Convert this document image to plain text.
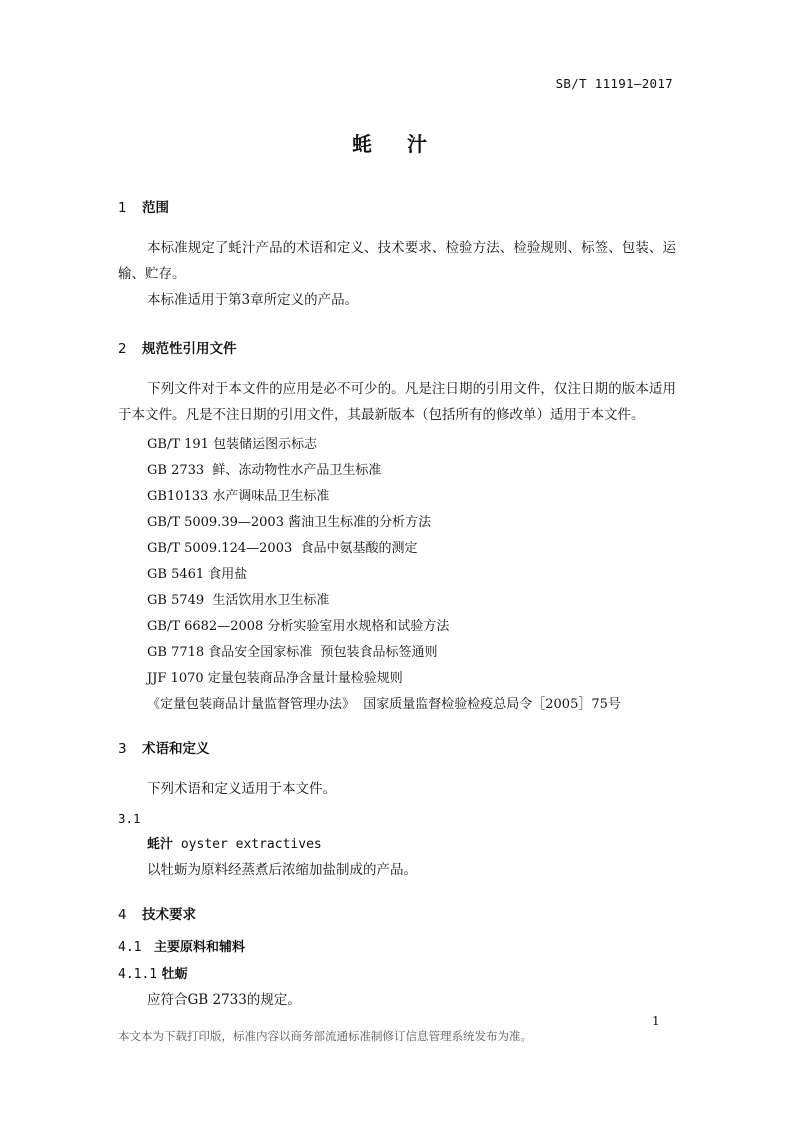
SB/T 11191—2017
蚝 汁
1 范围
本标准规定了蚝汁产品的术语和定义、技术要求、检验方法、检验规则、标签、包装、运输、贮存。
本标准适用于第3章所定义的产品。
2 规范性引用文件
下列文件对于本文件的应用是必不可少的。凡是注日期的引用文件，仅注日期的版本适用于本文件。凡是不注日期的引用文件，其最新版本（包括所有的修改单）适用于本文件。
GB/T 191 包装储运图示标志
GB 2733  鲜、冻动物性水产品卫生标准
GB10133 水产调味品卫生标准
GB/T 5009.39—2003 酱油卫生标准的分析方法
GB/T 5009.124—2003  食品中氨基酸的测定
GB 5461 食用盐
GB 5749  生活饮用水卫生标准
GB/T 6682—2008 分析实验室用水规格和试验方法
GB 7718 食品安全国家标准  预包装食品标签通则
JJF 1070 定量包装商品净含量计量检验规则
《定量包装商品计量监督管理办法》  国家质量监督检验检疫总局令［2005］75号
3 术语和定义
下列术语和定义适用于本文件。
3.1
蚝汁 oyster extractives
以牡蛎为原料经蒸煮后浓缩加盐制成的产品。
4 技术要求
4.1 主要原料和辅料
4.1.1 牡蛎
应符合GB 2733的规定。
1
本文本为下载打印版，标准内容以商务部流通标准制修订信息管理系统发布为准。
